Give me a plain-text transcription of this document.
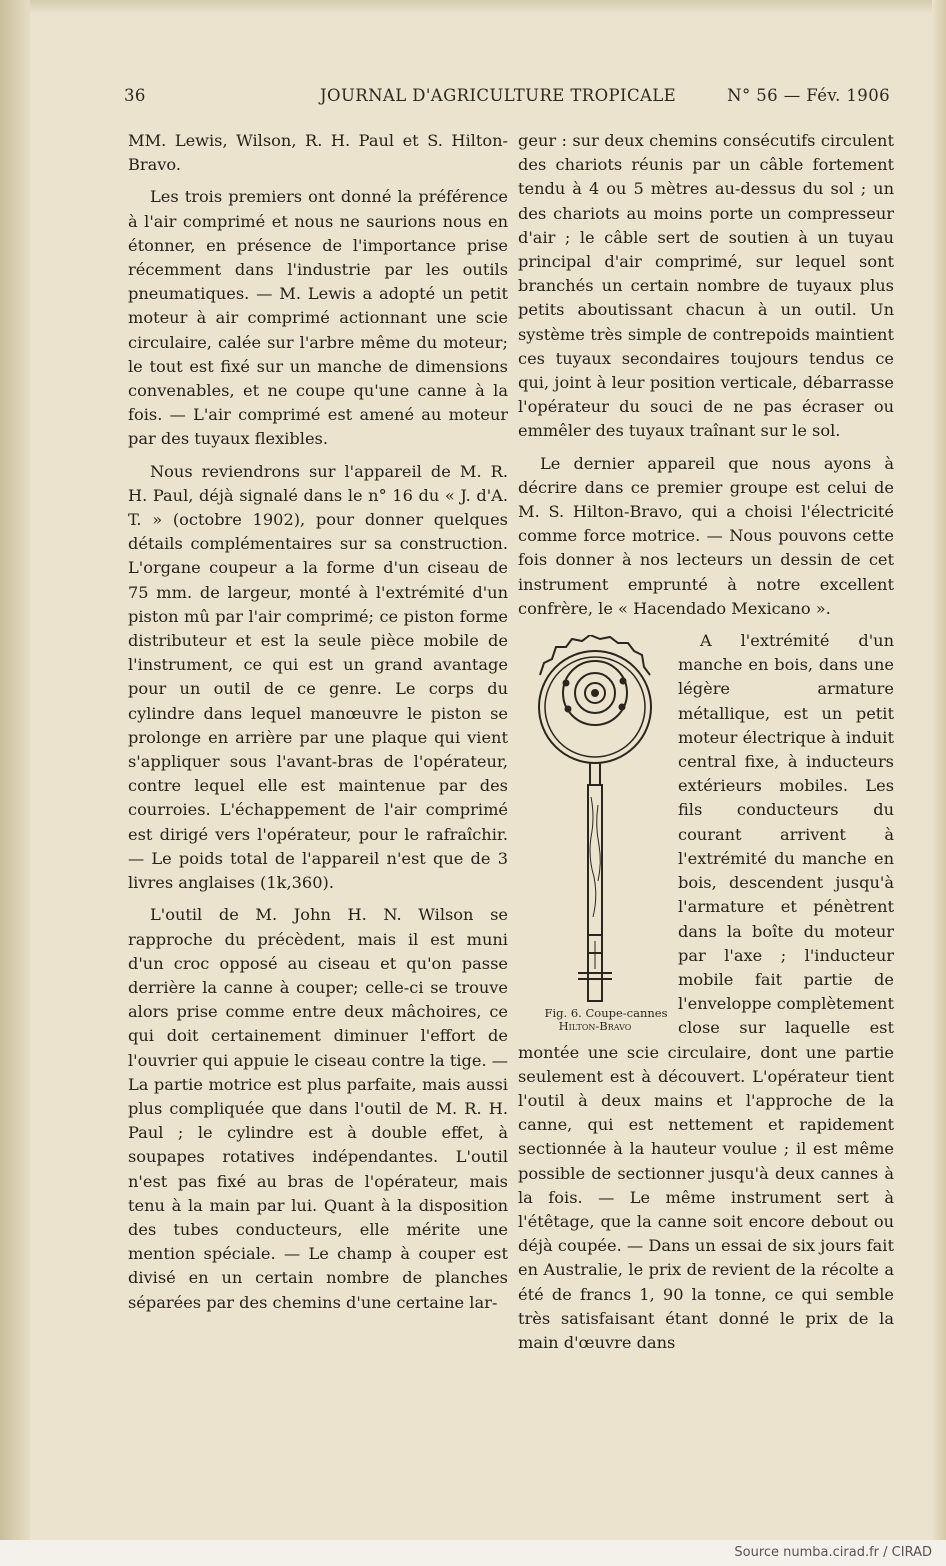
36	JOURNAL D'AGRICULTURE TROPICALE	N° 56 — Fév. 1906

MM. Lewis, Wilson, R. H. Paul et S. Hilton-Bravo.

Les trois premiers ont donné la préférence à l'air comprimé et nous ne saurions nous en étonner, en présence de l'importance prise récemment dans l'industrie par les outils pneumatiques. — M. Lewis a adopté un petit moteur à air comprimé actionnant une scie circulaire, calée sur l'arbre même du moteur; le tout est fixé sur un manche de dimensions convenables, et ne coupe qu'une canne à la fois. — L'air comprimé est amené au moteur par des tuyaux flexibles.

Nous reviendrons sur l'appareil de M. R. H. Paul, déjà signalé dans le n° 16 du « J. d'A. T. » (octobre 1902), pour donner quelques détails complémentaires sur sa construction. L'organe coupeur a la forme d'un ciseau de 75 mm. de largeur, monté à l'extrémité d'un piston mû par l'air comprimé; ce piston forme distributeur et est la seule pièce mobile de l'instrument, ce qui est un grand avantage pour un outil de ce genre. Le corps du cylindre dans lequel manœuvre le piston se prolonge en arrière par une plaque qui vient s'appliquer sous l'avant-bras de l'opérateur, contre lequel elle est maintenue par des courroies. L'échappement de l'air comprimé est dirigé vers l'opérateur, pour le rafraîchir. — Le poids total de l'appareil n'est que de 3 livres anglaises (1k,360).

L'outil de M. John H. N. Wilson se rapproche du précèdent, mais il est muni d'un croc opposé au ciseau et qu'on passe derrière la canne à couper; celle-ci se trouve alors prise comme entre deux mâchoires, ce qui doit certainement diminuer l'effort de l'ouvrier qui appuie le ciseau contre la tige. — La partie motrice est plus parfaite, mais aussi plus compliquée que dans l'outil de M. R. H. Paul ; le cylindre est à double effet, à soupapes rotatives indépendantes. L'outil n'est pas fixé au bras de l'opérateur, mais tenu à la main par lui. Quant à la disposition des tubes conducteurs, elle mérite une mention spéciale. — Le champ à couper est divisé en un certain nombre de planches séparées par des chemins d'une certaine lar-

geur : sur deux chemins consécutifs circulent des chariots réunis par un câble fortement tendu à 4 ou 5 mètres au-dessus du sol ; un des chariots au moins porte un compresseur d'air ; le câble sert de soutien à un tuyau principal d'air comprimé, sur lequel sont branchés un certain nombre de tuyaux plus petits aboutissant chacun à un outil. Un système très simple de contrepoids maintient ces tuyaux secondaires toujours tendus ce qui, joint à leur position verticale, débarrasse l'opérateur du souci de ne pas écraser ou emmêler des tuyaux traînant sur le sol.

Le dernier appareil que nous ayons à décrire dans ce premier groupe est celui de M. S. Hilton-Bravo, qui a choisi l'électricité comme force motrice. — Nous pouvons cette fois donner à nos lecteurs un dessin de cet instrument emprunté à notre excellent confrère, le « Hacendado Mexicano ».

Fig. 6. Coupe-cannes
Hilton-Bravo
A l'extrémité d'un manche en bois, dans une légère armature métallique, est un petit moteur électrique à induit central fixe, à inducteurs extérieurs mobiles. Les fils conducteurs du courant arrivent à l'extrémité du manche en bois, descendent jusqu'à l'armature et pénètrent dans la boîte du moteur par l'axe ; l'inducteur mobile fait partie de l'enveloppe complètement close sur laquelle est montée une scie circulaire, dont une partie seulement est à découvert. L'opérateur tient l'outil à deux mains et l'approche de la canne, qui est nettement et rapidement sectionnée à la hauteur voulue ; il est même possible de sectionner jusqu'à deux cannes à la fois. — Le même instrument sert à l'étêtage, que la canne soit encore debout ou déjà coupée. — Dans un essai de six jours fait en Australie, le prix de revient de la récolte a été de francs 1, 90 la tonne, ce qui semble très satisfaisant étant donné le prix de la main d'œuvre dans

Source numba.cirad.fr / CIRAD
